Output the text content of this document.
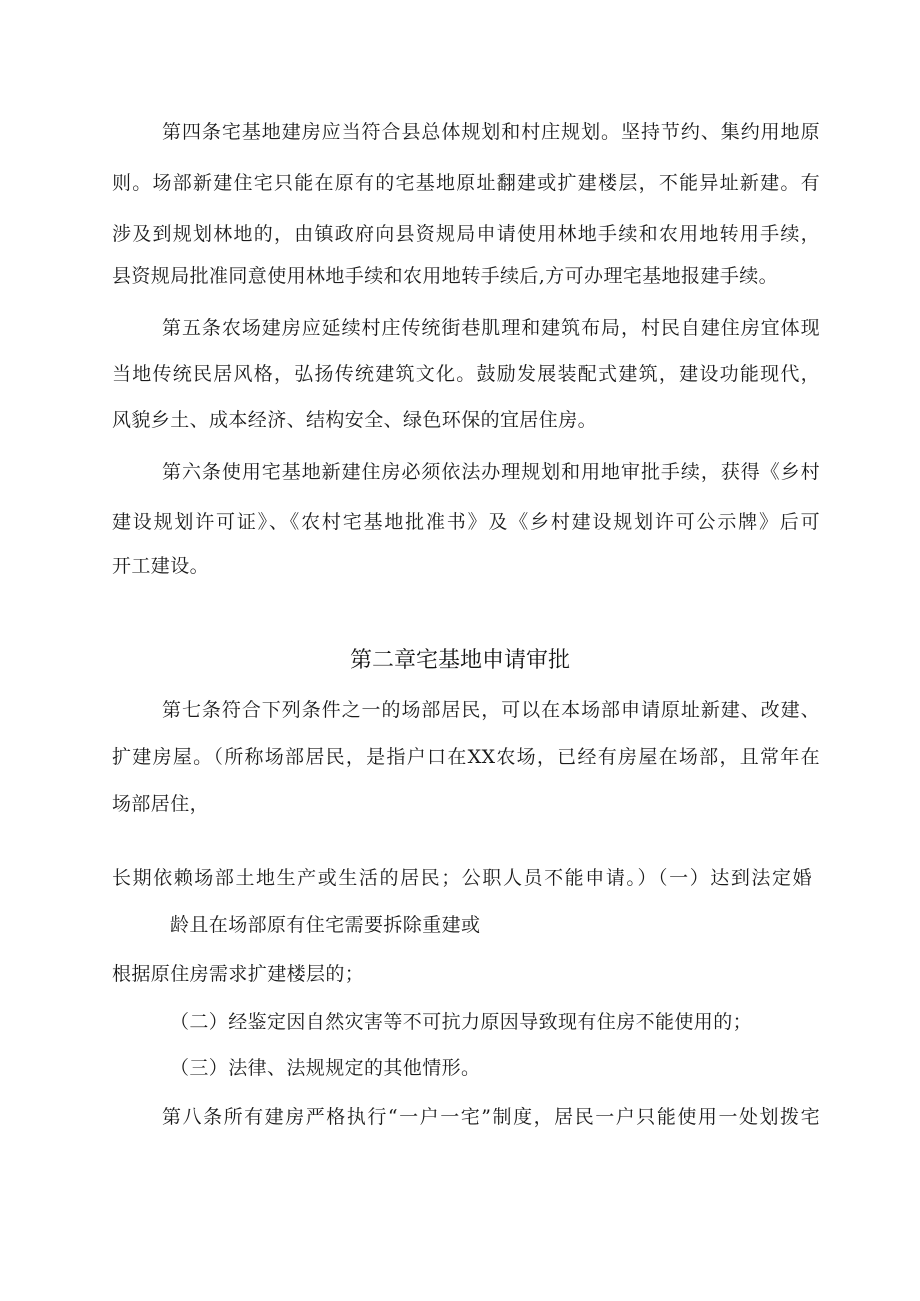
第四条宅基地建房应当符合县总体规划和村庄规划。坚持节约、集约用地原
则。场部新建住宅只能在原有的宅基地原址翻建或扩建楼层，不能异址新建。有
涉及到规划林地的，由镇政府向县资规局申请使用林地手续和农用地转用手续，
县资规局批准同意使用林地手续和农用地转手续后,方可办理宅基地报建手续。
第五条农场建房应延续村庄传统街巷肌理和建筑布局，村民自建住房宜体现
当地传统民居风格，弘扬传统建筑文化。鼓励发展装配式建筑，建设功能现代，
风貌乡土、成本经济、结构安全、绿色环保的宜居住房。
第六条使用宅基地新建住房必须依法办理规划和用地审批手续，获得《乡村
建设规划许可证》、《农村宅基地批准书》及《乡村建设规划许可公示牌》后可
开工建设。
第二章宅基地申请审批
第七条符合下列条件之一的场部居民，可以在本场部申请原址新建、改建、
扩建房屋。（所称场部居民，是指户口在XX农场，已经有房屋在场部，且常年在
场部居住，
长期依赖场部土地生产或生活的居民；公职人员不能申请。）（一）达到法定婚
龄且在场部原有住宅需要拆除重建或
根据原住房需求扩建楼层的；
（二）经鉴定因自然灾害等不可抗力原因导致现有住房不能使用的；
（三）法律、法规规定的其他情形。
第八条所有建房严格执行“一户一宅”制度，居民一户只能使用一处划拨宅
